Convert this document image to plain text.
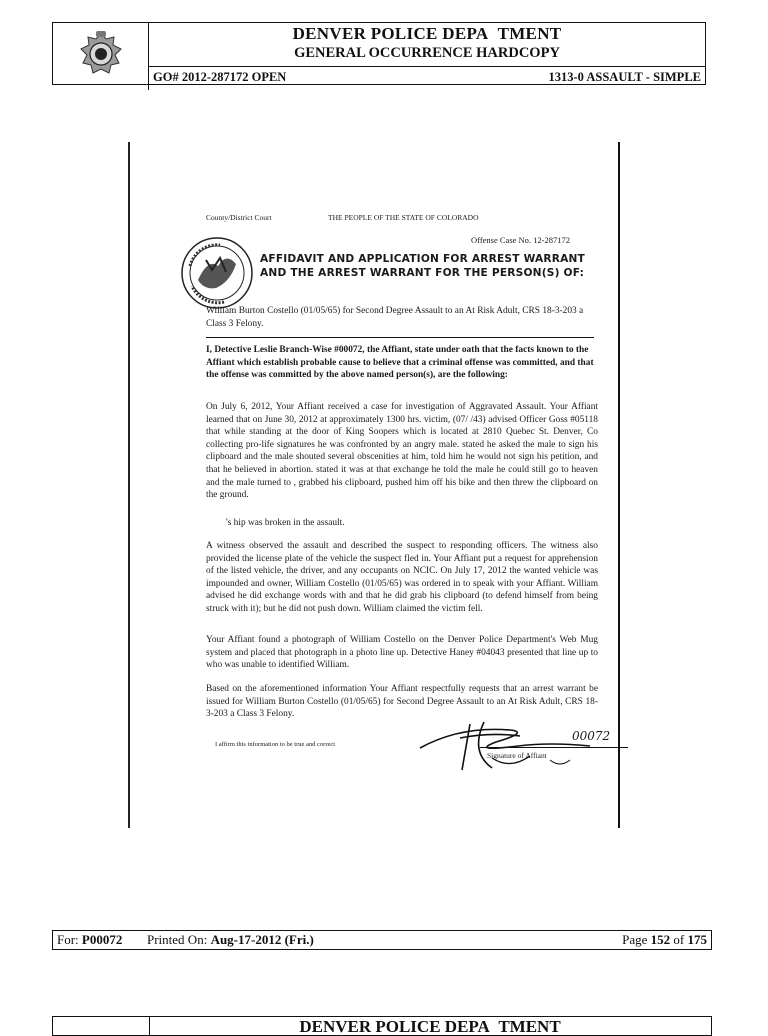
DENVER POLICE DEPA TMENT
GENERAL OCCURRENCE HARDCOPY
GO# 2012-287172 OPEN	1313-0 ASSAULT - SIMPLE
County/District Court	THE PEOPLE OF THE STATE OF COLORADO
Offense Case No. 12-287172
AFFIDAVIT AND APPLICATION FOR ARREST WARRANT
AND THE ARREST WARRANT FOR THE PERSON(S) OF:
William Burton Costello (01/05/65) for Second Degree Assault to an At Risk Adult, CRS 18-3-203 a Class 3 Felony.
I, Detective Leslie Branch-Wise #00072, the Affiant, state under oath that the facts known to the Affiant which establish probable cause to believe that a criminal offense was committed, and that the offense was committed by the above named person(s), are the following:
On July 6, 2012, Your Affiant received a case for investigation of Aggravated Assault. Your Affiant learned that on June 30, 2012 at approximately 1300 hrs. victim, (07/ /43) advised Officer Goss #05118 that while standing at the door of King Soopers which is located at 2810 Quebec St. Denver, Co collecting pro-life signatures he was confronted by an angry male. stated he asked the male to sign his clipboard and the male shouted several obscenities at him, told him he would not sign his petition, and that he believed in abortion. stated it was at that exchange he told the male he could still go to heaven and the male turned to , grabbed his clipboard, pushed him off his bike and then threw the clipboard on the ground.
's hip was broken in the assault.
A witness observed the assault and described the suspect to responding officers. The witness also provided the license plate of the vehicle the suspect fled in. Your Affiant put a request for apprehension of the listed vehicle, the driver, and any occupants on NCIC. On July 17, 2012 the wanted vehicle was impounded and owner, William Costello (01/05/65) was ordered in to speak with your Affiant. William advised he did exchange words with and that he did grab his clipboard (to defend himself from being struck with it); but he did not push down. William claimed the victim fell.
Your Affiant found a photograph of William Costello on the Denver Police Department's Web Mug system and placed that photograph in a photo line up. Detective Haney #04043 presented that line up to who was unable to identified William.
Based on the aforementioned information Your Affiant respectfully requests that an arrest warrant be issued for William Burton Costello (01/05/65) for Second Degree Assault to an At Risk Adult, CRS 18-3-203 a Class 3 Felony.
I affirm this information to be true and correct
00072
Signature of Affiant
For: P00072 Printed On: Aug-17-2012 (Fri.)	Page 152 of 175
DENVER POLICE DEPA TMENT
